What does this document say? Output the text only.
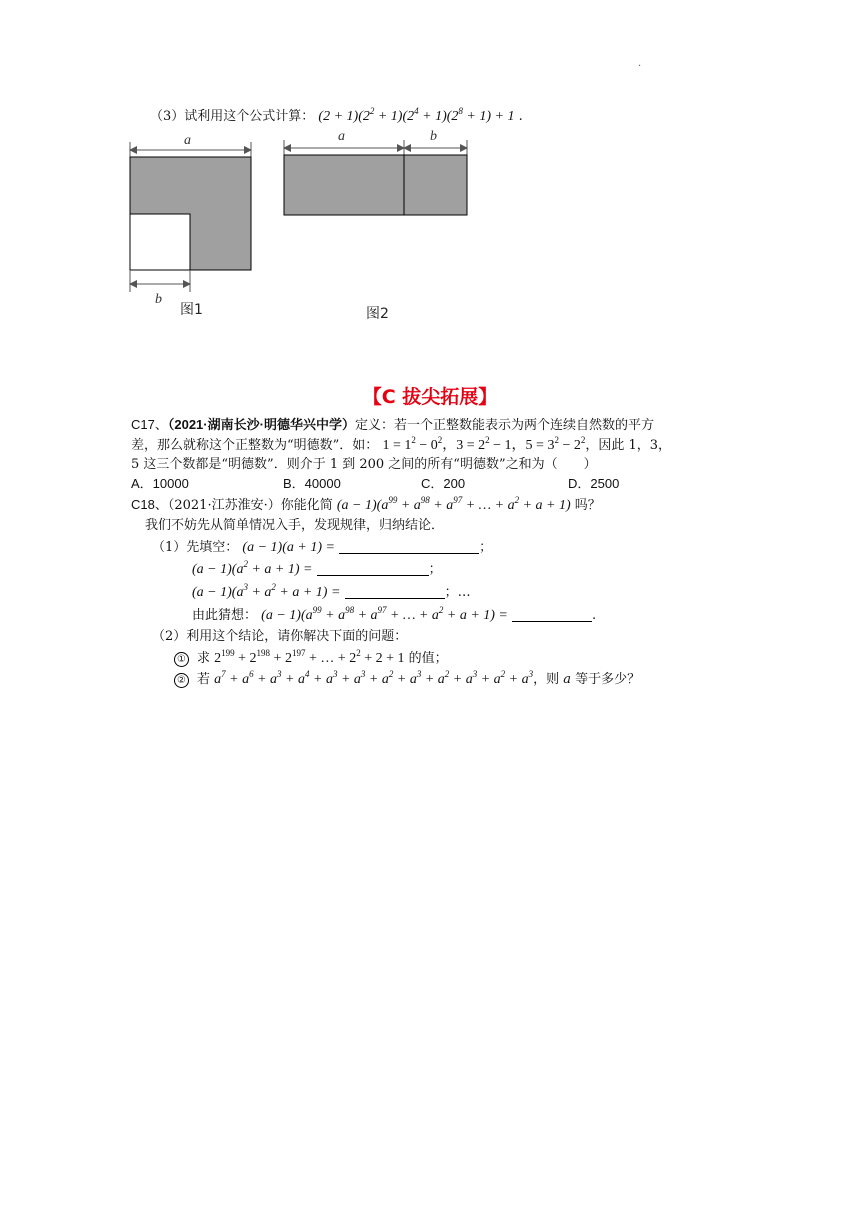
.
（3）试利用这个公式计算： $(2 + 1)(2^2 + 1)(2^4 + 1)(2^8 + 1) + 1$ .
a
b
图1
a	b
图2
【C 拔尖拓展】
C17、（2021·湖南长沙·明德华兴中学）定义：若一个正整数能表示为两个连续自然数的平方
差，那么就称这个正整数为“明德数”．如： $1 = 1^2 - 0^2$，$3 = 2^2 - 1$，$5 = 3^2 - 2^2$，因此 1，3，
5 这三个数都是“明德数”．则介于 1 到 200 之间的所有“明德数”之和为（　　）
A．10000	B．40000	C．200	D．2500
C18、（2021·江苏淮安·）你能化简 $(a - 1)(a^{99} + a^{98} + a^{97}$ + … + $a^2 + a + 1$) 吗？
我们不妨先从简单情况入手，发现规律，归纳结论．
（1）先填空： (a − 1)(a + 1) =	；
$(a - 1)(a^2 + a + 1)$ =	；
$(a - 1)(a^3 + a^2 + a + 1)$ =	；…
由此猜想： $(a - 1)(a^{99} + a^{98} + a^{97}$ + … + $a^2 + a + 1$) =	.
（2）利用这个结论，请你解决下面的问题：
① 求 $2^{199} + 2^{198} + 2^{197}$ + … + $2^2 + 2 + 1$ 的值；
② 若 $a^7 + a^6 + a^3 + a^4 + a^3 + a^3 + a^2 + a^3 + a^2 + a^3 + a^2 + a^3$，则 a 等于多少？
